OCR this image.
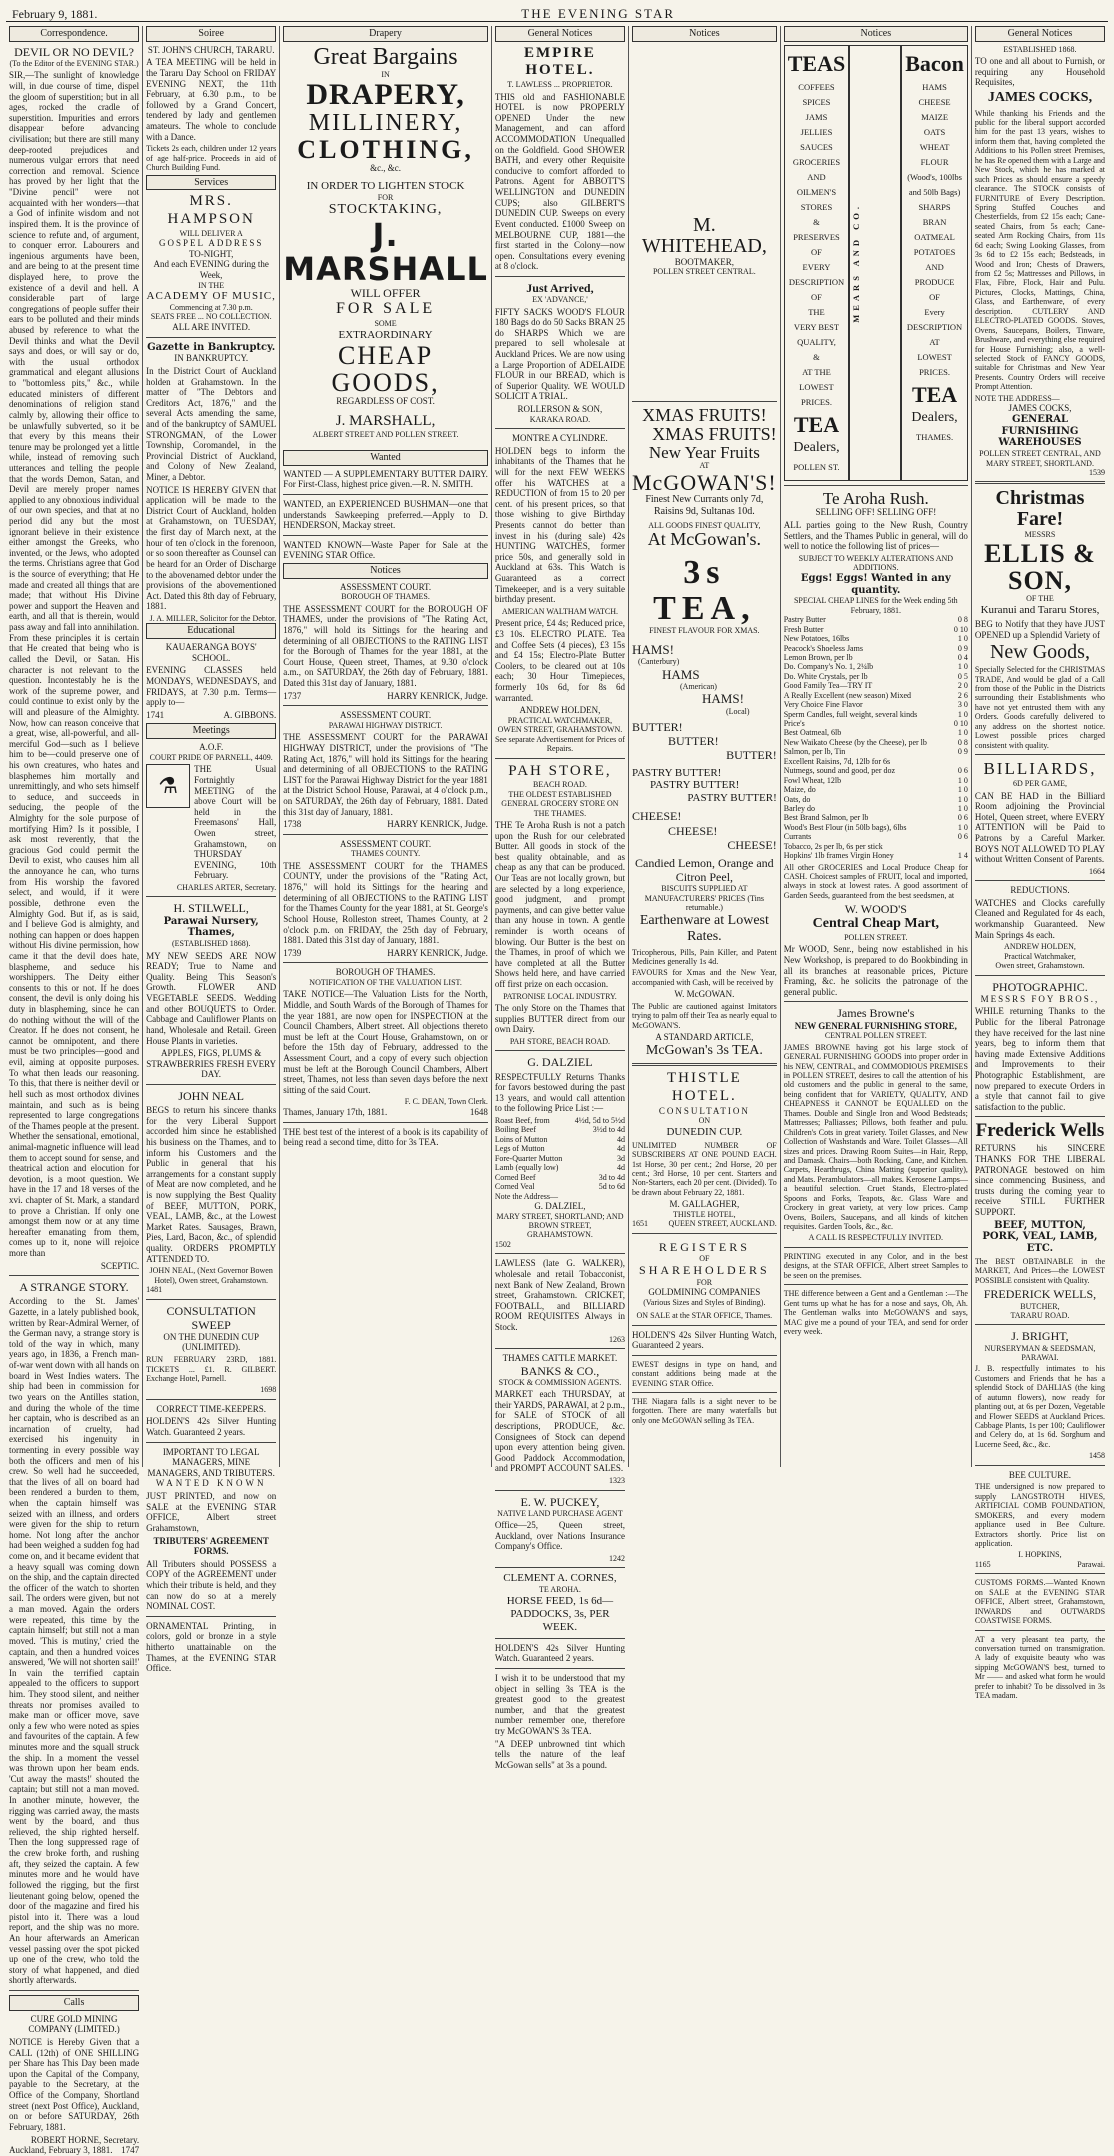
February 9, 1881.	THE EVENING STAR

Correspondence.
DEVIL OR NO DEVIL?
(To the Editor of the EVENING STAR.)
SIR,—The sunlight of knowledge will, in due course of time, dispel the gloom of superstition; but in all ages, rocked the cradle of superstition. Impurities and errors disappear before advancing civilisation; but there are still many deep-rooted prejudices and numerous vulgar errors that need correction and removal. Science has proved by her light that the "Divine pencil" were not acquainted with her wonders—that a God of infinite wisdom and not inspired them. It is the province of science to refute and, of argument, to conquer error. Labourers and ingenious arguments have been, and are being to at the present time displayed here, to prove the existence of a devil and hell. A considerable part of large congregations of people suffer their ears to be polluted and their minds abused by reference to what the Devil thinks and what the Devil says and does, or will say or do, with the usual orthodox grammatical and elegant allusions to "bottomless pits," &c., while educated ministers of different denominations of religion stand calmly by, allowing their office to be unlawfully subverted, so it be that every by this means their tenure may be prolonged yet a little while, instead of removing such utterances and telling the people that the words Demon, Satan, and Devil are merely proper names applied to any obnoxious individual of our own species, and that at no period did any but the most ignorant believe in their existence either amongst the Greeks, who invented, or the Jews, who adopted the terms. Christians agree that God is the source of everything; that He made and created all things that are made; that without His Divine power and support the Heaven and earth, and all that is therein, would pass away and fall into annihilation. From these principles it is certain that He created that being who is called the Devil, or Satan. His character is not relevant to the question. Incontestably he is the work of the supreme power, and could continue to exist only by the will and pleasure of the Almighty. Now, how can reason conceive that a great, wise, all-powerful, and all-merciful God—such as I believe him to be—could preserve one of his own creatures, who hates and blasphemes him mortally and unremittingly, and who sets himself to seduce, and succeeds in seducing, the people of the Almighty for the sole purpose of mortifying Him? Is it possible, I ask most reverently, that the gracious God could permit the Devil to exist, who causes him all the annoyance he can, who turns from His worship the favored select, and would, if it were possible, dethrone even the Almighty God. But if, as is said, and I believe God is almighty, and nothing can happen or does happen without His divine permission, how came it that the devil does hate, blaspheme, and seduce his worshippers. The Deity either consents to this or not. If he does consent, the devil is only doing his duty in blaspheming, since he can do nothing without the will of the Creator. If he does not consent, he cannot be omnipotent, and there must be two principles—good and evil, aiming at opposite purposes. To what then leads our reasoning. To this, that there is neither devil or hell such as most orthodox divines maintain, and such as is being represented to large congregations of the Thames people at the present. Whether the sensational, emotional, animal-magnetic influence will lead them to accept sound for sense, and theatrical action and elocution for devotion, is a moot question. We have in the 17 and 18 verses of the xvi. chapter of St. Mark, a standard to prove a Christian. If only one amongst them now or at any time hereafter emanating from them, comes up to it, none will rejoice more than
SCEPTIC.
A STRANGE STORY.
According to the St. James' Gazette, in a lately published book, written by Rear-Admiral Werner, of the German navy, a strange story is told of the way in which, many years ago, in 1836, a French man-of-war went down with all hands on board in West Indies waters. The ship had been in commission for two years on the Antilles station, and during the whole of the time her captain, who is described as an incarnation of cruelty, had exercised his ingenuity in tormenting in every possible way both the officers and men of his crew. So well had he succeeded, that the lives of all on board had been rendered a burden to them, when the captain himself was seized with an illness, and orders were given for the ship to return home. Not long after the anchor had been weighed a sudden fog had come on, and it became evident that a heavy squall was coming down on the ship, and the captain directed the officer of the watch to shorten sail. The orders were given, but not a man moved. Again the orders were repeated, this time by the captain himself; but still not a man moved. 'This is mutiny,' cried the captain, and then a hundred voices answered, 'We will not shorten sail!' In vain the terrified captain appealed to the officers to support him. They stood silent, and neither threats nor promises availed to make man or officer move, save only a few who were noted as spies and favourites of the captain. A few minutes more and the squall struck the ship. In a moment the vessel was thrown upon her beam ends. 'Cut away the masts!' shouted the captain; but still not a man moved. In another minute, however, the rigging was carried away, the masts went by the board, and thus relieved, the ship righted herself. Then the long suppressed rage of the crew broke forth, and rushing aft, they seized the captain. A few minutes more and he would have followed the rigging, but the first lieutenant going below, opened the door of the magazine and fired his pistol into it. There was a loud report, and the ship was no more. An hour afterwards an American vessel passing over the spot picked up one of the crew, who told the story of what happened, and died shortly afterwards.
Calls
CURE GOLD MINING COMPANY (LIMITED.)
NOTICE is Hereby Given that a CALL (12th) of ONE SHILLING per Share has This Day been made upon the Capital of the Company, payable to the Secretary, at the Office of the Company, Shortland street (next Post Office), Auckland, on or before SATURDAY, 26th February, 1881.
ROBERT HORNE, Secretary.
Auckland, February 3, 1881. 1747
Soiree
ST. JOHN'S CHURCH, TARARU.
A TEA MEETING will be held in the Tararu Day School on FRIDAY EVENING NEXT, the 11th February, at 6.30 p.m., to be followed by a Grand Concert, tendered by lady and gentlemen amateurs. The whole to conclude with a Dance.
Tickets 2s each, children under 12 years of age half-price. Proceeds in aid of Church Building Fund.
Services
MRS. HAMPSON
WILL DELIVER A
GOSPEL ADDRESS
TO-NIGHT,
And each EVENING during the Week,
IN THE
ACADEMY OF MUSIC,
Commencing at 7.30 p.m.
SEATS FREE ... NO COLLECTION.
ALL ARE INVITED.
Gazette in Bankruptcy.
IN BANKRUPTCY.
In the District Court of Auckland holden at Grahamstown. In the matter of "The Debtors and Creditors Act, 1876," and the several Acts amending the same, and of the bankruptcy of SAMUEL STRONGMAN, of the Lower Township, Coromandel, in the Provincial District of Auckland, and Colony of New Zealand, Miner, a Debtor.
NOTICE IS HEREBY GIVEN that application will be made to the District Court of Auckland, holden at Grahamstown, on TUESDAY, the first day of March next, at the hour of ten o'clock in the forenoon, or so soon thereafter as Counsel can be heard for an Order of Discharge to the abovenamed debtor under the provisions of the abovementioned Act. Dated this 8th day of February, 1881.
J. A. MILLER, Solicitor for the Debtor.
Educational
KAUAERANGA BOYS' SCHOOL.
EVENING CLASSES held MONDAYS, WEDNESDAYS, and FRIDAYS, at 7.30 p.m. Terms—apply to—
1741	A. GIBBONS.
Meetings
A.O.F.
COURT PRIDE OF PARNELL, 4409.
⚗
THE Usual Fortnightly MEETING of the above Court will be held in the Freemasons' Hall, Owen street, Grahamstown, on THURSDAY EVENING, 10th February.
CHARLES ARTER, Secretary.
H. STILWELL,
Parawai Nursery, Thames,
(ESTABLISHED 1868).
MY NEW SEEDS ARE NOW READY; True to Name and Quality. Being This Season's Growth. FLOWER AND VEGETABLE SEEDS. Wedding and other BOUQUETS to Order. Cabbage and Cauliflower Plants on hand, Wholesale and Retail. Green House Plants in varieties.
APPLES, FIGS, PLUMS & STRAWBERRIES FRESH EVERY DAY.
JOHN NEAL
BEGS to return his sincere thanks for the very Liberal Support accorded him since he established his business on the Thames, and to inform his Customers and the Public in general that his arrangements for a constant supply of Meat are now completed, and he is now supplying the Best Quality of BEEF, MUTTON, PORK, VEAL, LAMB, &c., at the Lowest Market Rates. Sausages, Brawn, Pies, Lard, Bacon, &c., of splendid quality. ORDERS PROMPTLY ATTENDED TO.
JOHN NEAL, (Next Governor Bowen Hotel), Owen street, Grahamstown.
1481
CONSULTATION SWEEP
ON THE DUNEDIN CUP (UNLIMITED).
RUN FEBRUARY 23RD, 1881. TICKETS ... £1. R. GILBERT. Exchange Hotel, Parnell.
1698
CORRECT TIME-KEEPERS.
HOLDEN'S 42s Silver Hunting Watch. Guaranteed 2 years.
IMPORTANT TO LEGAL MANAGERS, MINE MANAGERS, AND TRIBUTERS.
WANTED KNOWN
JUST PRINTED, and now on SALE at the EVENING STAR OFFICE, Albert street Grahamstown,
TRIBUTERS' AGREEMENT FORMS.
All Tributers should POSSESS a COPY of the AGREEMENT under which their tribute is held, and they can now do so at a merely NOMINAL COST.
ORNAMENTAL Printing, in colors, gold or bronze in a style hitherto unattainable on the Thames, at the EVENING STAR Office.
Drapery
Great Bargains
IN
DRAPERY,
MILLINERY,
CLOTHING,
&c., &c.
IN ORDER TO LIGHTEN STOCK
FOR
STOCKTAKING,
J. MARSHALL
WILL OFFER
FOR SALE
SOME
EXTRAORDINARY
CHEAP GOODS,
REGARDLESS OF COST.
J. MARSHALL,
ALBERT STREET AND POLLEN STREET.
Wanted
WANTED — A SUPPLEMENTARY BUTTER DAIRY. For First-Class, highest price given.—R. N. SMITH.
WANTED, an EXPERIENCED BUSHMAN—one that understands Sawkeeping preferred.—Apply to D. HENDERSON, Mackay street.
WANTED KNOWN—Waste Paper for Sale at the EVENING STAR Office.
Notices
ASSESSMENT COURT.
BOROUGH OF THAMES.
THE ASSESSMENT COURT for the BOROUGH OF THAMES, under the provisions of "The Rating Act, 1876," will hold its Sittings for the hearing and determining of all OBJECTIONS to the RATING LIST for the Borough of Thames for the year 1881, at the Court House, Queen street, Thames, at 9.30 o'clock a.m., on SATURDAY, the 26th day of February, 1881. Dated this 31st day of January, 1881.
1737	HARRY KENRICK, Judge.
ASSESSMENT COURT.
PARAWAI HIGHWAY DISTRICT.
THE ASSESSMENT COURT for the PARAWAI HIGHWAY DISTRICT, under the provisions of "The Rating Act, 1876," will hold its Sittings for the hearing and determining of all OBJECTIONS to the RATING LIST for the Parawai Highway District for the year 1881 at the District School House, Parawai, at 4 o'clock p.m., on SATURDAY, the 26th day of February, 1881. Dated this 31st day of January, 1881.
1738	HARRY KENRICK, Judge.
ASSESSMENT COURT.
THAMES COUNTY.
THE ASSESSMENT COURT for the THAMES COUNTY, under the provisions of the "Rating Act, 1876," will hold its Sittings for the hearing and determining of all OBJECTIONS to the RATING LIST for the Thames County for the year 1881, at St. George's School House, Rolleston street, Thames County, at 2 o'clock p.m. on FRIDAY, the 25th day of February, 1881. Dated this 31st day of January, 1881.
1739	HARRY KENRICK, Judge.
BOROUGH OF THAMES.
NOTIFICATION OF THE VALUATION LIST.
TAKE NOTICE—The Valuation Lists for the North, Middle, and South Wards of the Borough of Thames for the year 1881, are now open for INSPECTION at the Council Chambers, Albert street. All objections thereto must be left at the Court House, Grahamstown, on or before the 15th day of February, addressed to the Assessment Court, and a copy of every such objection must be left at the Borough Council Chambers, Albert street, Thames, not less than seven days before the next sitting of the said Court.
F. C. DEAN, Town Clerk.
Thames, January 17th, 1881.	1648
THE best test of the interest of a book is its capability of being read a second time, ditto for 3s TEA.
General Notices
EMPIRE HOTEL.
T. LAWLESS ... PROPRIETOR.
THIS old and FASHIONABLE HOTEL is now PROPERLY OPENED Under the new Management, and can afford ACCOMMODATION Unequalled on the Goldfield. Good SHOWER BATH, and every other Requisite conducive to comfort afforded to Patrons. Agent for ABBOTT'S WELLINGTON and DUNEDIN CUPS; also GILBERT'S DUNEDIN CUP. Sweeps on every Event conducted. £1000 Sweep on MELBOURNE CUP, 1881—the first started in the Colony—now open. Consultations every evening at 8 o'clock.
Just Arrived,
EX 'ADVANCE,'
FIFTY SACKS WOOD'S FLOUR 180 Bags do do 50 Sacks BRAN 25 do SHARPS Which we are prepared to sell wholesale at Auckland Prices. We are now using a Large Proportion of ADELAIDE FLOUR in our BREAD, which is of Superior Quality. WE WOULD SOLICIT A TRIAL.
ROLLERSON & SON,
KARAKA ROAD.
MONTRE A CYLINDRE.
HOLDEN begs to inform the inhabitants of the Thames that he will for the next FEW WEEKS offer his WATCHES at a REDUCTION of from 15 to 20 per cent. of his present prices, so that those wishing to give Birthday Presents cannot do better than invest in his (during sale) 42s HUNTING WATCHES, former price 50s, and generally sold in Auckland at 63s. This Watch is Guaranteed as a correct Timekeeper, and is a very suitable birthday present.
AMERICAN WALTHAM WATCH.
Present price, £4 4s; Reduced price, £3 10s. ELECTRO PLATE. Tea and Coffee Sets (4 pieces), £3 15s and £4 15s; Electro-Plate Butter Coolers, to be cleared out at 10s each; 30 Hour Timepieces, formerly 10s 6d, for 8s 6d warranted.
ANDREW HOLDEN,
PRACTICAL WATCHMAKER,
OWEN STREET, GRAHAMSTOWN.
See separate Advertisement for Prices of Repairs.
PAH STORE,
BEACH ROAD.
THE OLDEST ESTABLISHED GENERAL GROCERY STORE ON THE THAMES.
THE Te Aroha Rush is not a patch upon the Rush for our celebrated Butter. All goods in stock of the best quality obtainable, and as cheap as any that can be produced. Our Teas are not locally grown, but are selected by a long experience, good judgment, and prompt payments, and can give better value than any house in town. A gentle reminder is worth oceans of blowing. Our Butter is the best on the Thames, in proof of which we have completed at all the Butter Shows held here, and have carried off first prize on each occasion.
PATRONISE LOCAL INDUSTRY.
The only Store on the Thames that supplies BUTTER direct from our own Dairy.
PAH STORE, BEACH ROAD.
G. DALZIEL
RESPECTFULLY Returns Thanks for favors bestowed during the past 13 years, and would call attention to the following Price List :—
Roast Beef, from	4½d, 5d to 5½d
Boiling Beef	3½d to 4d
Loins of Mutton	4d
Legs of Mutton	4d
Fore-Quarter Mutton	3d
Lamb (equally low)	4d
Corned Beef	3d to 4d
Corned Veal	5d to 6d
Note the Address—
G. DALZIEL,
MARY STREET, SHORTLAND; AND BROWN STREET, GRAHAMSTOWN.
1502
LAWLESS (late G. WALKER), wholesale and retail Tobacconist, next Bank of New Zealand, Brown street, Grahamstown. CRICKET, FOOTBALL, and BILLIARD ROOM REQUISITES Always in Stock.
1263
THAMES CATTLE MARKET.
BANKS & CO.,
STOCK & COMMISSION AGENTS.
MARKET each THURSDAY, at their YARDS, PARAWAI, at 2 p.m., for SALE of STOCK of all descriptions, PRODUCE, &c. Consignees of Stock can depend upon every attention being given. Good Paddock Accommodation, and PROMPT ACCOUNT SALES.
1323
E. W. PUCKEY,
NATIVE LAND PURCHASE AGENT
Office—25, Queen street, Auckland, over Nations Insurance Company's Office.
1242
CLEMENT A. CORNES,
TE AROHA.
HORSE FEED, 1s 6d—PADDOCKS, 3s, PER WEEK.
HOLDEN'S 42s Silver Hunting Watch. Guaranteed 2 years.
I wish it to be understood that my object in selling 3s TEA is the greatest good to the greatest number, and that the greatest number remember one, therefore try McGOWAN'S 3s TEA.
"A DEEP unbrowned tint which tells the nature of the leaf McGowan sells" at 3s a pound.
Notices
M. WHITEHEAD,
BOOTMAKER,
POLLEN STREET CENTRAL.
XMAS FRUITS!
XMAS FRUITS!
New Year Fruits
AT
McGOWAN'S!
Finest New Currants only 7d, Raisins 9d, Sultanas 10d.
ALL GOODS FINEST QUALITY,
At McGowan's.
3s TEA,
FINEST FLAVOUR FOR XMAS.
HAMS!
(Canterbury)
HAMS
(American)
HAMS!
(Local)
BUTTER!
BUTTER!
BUTTER!
PASTRY BUTTER!
PASTRY BUTTER!
PASTRY BUTTER!
CHEESE!
CHEESE!
CHEESE!
Candied Lemon, Orange and Citron Peel,
BISCUITS SUPPLIED AT MANUFACTURERS' PRICES (Tins returnable.)
Earthenware at Lowest Rates.
Tricopherous, Pills, Pain Killer, and Patent Medicines generally 1s 4d.
FAVOURS for Xmas and the New Year, accompanied with Cash, will be received by
W. McGOWAN.
The Public are cautioned against Imitators trying to palm off their Tea as nearly equal to McGOWAN'S.
A STANDARD ARTICLE,
McGowan's 3s TEA.
THISTLE HOTEL.
CONSULTATION
ON
DUNEDIN CUP.
UNLIMITED NUMBER OF SUBSCRIBERS AT ONE POUND EACH. 1st Horse, 30 per cent.; 2nd Horse, 20 per cent.; 3rd Horse, 10 per cent. Starters and Non-Starters, each 20 per cent. (Divided). To be drawn about February 22, 1881.
M. GALLAGHER,
THISTLE HOTEL,
1651	QUEEN STREET, AUCKLAND.
REGISTERS
OF
SHAREHOLDERS
FOR
GOLDMINING COMPANIES
(Various Sizes and Styles of Binding).
ON SALE at the STAR OFFICE, Thames.
HOLDEN'S 42s Silver Hunting Watch, Guaranteed 2 years.
EWEST designs in type on hand, and constant additions being made at the EVENING STAR Office.
THE Niagara falls is a sight never to be forgotten. There are many waterfalls but only one McGOWAN selling 3s TEA.
Notices
TEAS
COFFEES
SPICES
JAMS
JELLIES
SAUCES
GROCERIES
AND
OILMEN'S
STORES
&
PRESERVES
OF
EVERY
DESCRIPTION
OF
THE
VERY BEST
QUALITY,
&
AT THE
LOWEST
PRICES.
TEA
Dealers,
POLLEN ST.
MEARS AND CO.
Bacon
HAMS
CHEESE
MAIZE
OATS
WHEAT
FLOUR
(Wood's, 100lbs
and 50lb Bags)
SHARPS
BRAN
OATMEAL
POTATOES
AND
PRODUCE
OF
Every
DESCRIPTION
AT
LOWEST
PRICES.
TEA
Dealers,
THAMES.
Te Aroha Rush.
SELLING OFF! SELLING OFF!
ALL parties going to the New Rush, Country Settlers, and the Thames Public in general, will do well to notice the following list of prices—
SUBJECT TO WEEKLY ALTERATIONS AND ADDITIONS.
Eggs! Eggs! Wanted in any quantity.
SPECIAL CHEAP LINES for the Week ending 5th February, 1881.
Pastry Butter	0 8
Fresh Butter	0 10
New Potatoes, 16lbs	1 0
Peacock's Shoeless Jams	0 9
Lemon Brown, per lb	0 4
Do. Company's No. 1, 2¼lb	1 0
Do. White Crystals, per lb	0 5
Good Family Tea—TRY IT	2 0
A Really Excellent (new season) Mixed	2 6
Very Choice Fine Flavor	3 0
Sperm Candles, full weight, several kinds	1 0
Price's	0 10
Best Oatmeal, 6lb	1 0
New Waikato Cheese (by the Cheese), per lb	0 8
Salmon, per lb, Tin	0 9
Excellent Raisins, 7d, 12lb for 6s	
Nutmegs, sound and good, per doz	0 6
Fowl Wheat, 12lb	1 0
Maize, do	1 0
Oats, do	1 0
Barley do	1 0
Best Brand Salmon, per lb	0 6
Wood's Best Flour (in 50lb bags), 6lbs	1 0
Currants	0 6
Tobacco, 2s per lb, 6s per stick	
Hopkins' 1lb frames Virgin Honey	1 4
All other GROCERIES and Local Produce Cheap for CASH. Choicest samples of FRUIT, local and imported, always in stock at lowest rates. A good assortment of Garden Seeds, guaranteed from the best seedsmen, at
W. WOOD'S
Central Cheap Mart,
POLLEN STREET.
Mr WOOD, Senr., being now established in his New Workshop, is prepared to do Bookbinding in all its branches at reasonable prices, Picture Framing, &c. he solicits the patronage of the general public.
James Browne's
NEW GENERAL FURNISHING STORE,
CENTRAL POLLEN STREET.
JAMES BROWNE having got his large stock of GENERAL FURNISHING GOODS into proper order in his NEW, CENTRAL, and COMMODIOUS PREMISES in POLLEN STREET, desires to call the attention of his old customers and the public in general to the same, being confident that for VARIETY, QUALITY, AND CHEAPNESS it CANNOT be EQUALLED on the Thames. Double and Single Iron and Wood Bedsteads; Mattresses; Palliasses; Pillows, both feather and pulu. Children's Cots in great variety. Toilet Glasses, and New Collection of Washstands and Ware. Toilet Glasses—All sizes and prices. Drawing Room Suites—in Hair, Repp, and Damask. Chairs—both Rocking, Cane, and Kitchen. Carpets, Hearthrugs, China Matting (superior quality), and Mats. Perambulators—all makes. Kerosene Lamps—a beautiful selection. Cruet Stands, Electro-plated Spoons and Forks, Teapots, &c. Glass Ware and Crockery in great variety, at very low prices. Camp Ovens, Boilers, Saucepans, and all kinds of kitchen requisites. Garden Tools, &c., &c.
A CALL IS RESPECTFULLY INVITED.
PRINTING executed in any Color, and in the best designs, at the STAR OFFICE, Albert street Samples to be seen on the premises.
THE difference between a Gent and a Gentleman :—The Gent turns up what he has for a nose and says, Oh, Ah. The Gentleman walks into McGOWAN'S and says, MAC give me a pound of your TEA, and send for order every week.
General Notices
ESTABLISHED 1868.
TO one and all about to Furnish, or requiring any Household Requisites,
JAMES COCKS,
While thanking his Friends and the public for the liberal support accorded him for the past 13 years, wishes to inform them that, having completed the Additions to his Pollen street Premises, he has Re opened them with a Large and New Stock, which he has marked at such Prices as should ensure a speedy clearance. The STOCK consists of FURNITURE of Every Description. Spring Stuffed Couches and Chesterfields, from £2 15s each; Cane-seated Chairs, from 5s each; Cane-seated Arm Rocking Chairs, from 11s 6d each; Swing Looking Glasses, from 3s 6d to £2 15s each; Bedsteads, in Wood and Iron; Chests of Drawers, from £2 5s; Mattresses and Pillows, in Flax, Fibre, Flock, Hair and Pulu. Pictures, Clocks, Mattings, China, Glass, and Earthenware, of every description. CUTLERY AND ELECTRO-PLATED GOODS. Stoves, Ovens, Saucepans, Boilers, Tinware, Brushware, and everything else required for House Furnishing; also, a well-selected Stock of FANCY GOODS, suitable for Christmas and New Year Presents. Country Orders will receive Prompt Attention.
NOTE THE ADDRESS—
JAMES COCKS,
GENERAL FURNISHING WAREHOUSES
POLLEN STREET CENTRAL, AND MARY STREET, SHORTLAND.
1539
Christmas Fare!
MESSRS
ELLIS & SON,
OF THE
Kuranui and Tararu Stores,
BEG to Notify that they have JUST OPENED up a Splendid Variety of
New Goods,
Specially Selected for the CHRISTMAS TRADE, And would be glad of a Call from those of the Public in the Districts surrounding their Establishments who have not yet entrusted them with any Orders. Goods carefully delivered to any address on the shortest notice. Lowest possible prices charged consistent with quality.
BILLIARDS,
6D PER GAME,
CAN BE HAD in the Billiard Room adjoining the Provincial Hotel, Queen street, where EVERY ATTENTION will be Paid to Patrons by a Careful Marker. BOYS NOT ALLOWED TO PLAY without Written Consent of Parents.
1664
REDUCTIONS.
WATCHES and Clocks carefully Cleaned and Regulated for 4s each, workmanship Guaranteed. New Main Springs 4s each.
ANDREW HOLDEN,
Practical Watchmaker,
Owen street, Grahamstown.
PHOTOGRAPHIC.
MESSRS FOY BROS.,
WHILE returning Thanks to the Public for the liberal Patronage they have received for the last nine years, beg to inform them that having made Extensive Additions and Improvements to their Photographic Establishment, are now prepared to execute Orders in a style that cannot fail to give satisfaction to the public.
Frederick Wells
RETURNS his SINCERE THANKS FOR THE LIBERAL PATRONAGE bestowed on him since commencing Business, and trusts during the coming year to receive STILL FURTHER SUPPORT.
BEEF, MUTTON, PORK, VEAL, LAMB, ETC.
The BEST OBTAINABLE in the MARKET, And Prices—the LOWEST POSSIBLE consistent with Quality.
FREDERICK WELLS,
BUTCHER,
TARARU ROAD.
J. BRIGHT,
NURSERYMAN & SEEDSMAN,
PARAWAI.
J. B. respectfully intimates to his Customers and Friends that he has a splendid Stock of DAHLIAS (the king of autumn flowers), now ready for planting out, at 6s per Dozen, Vegetable and Flower SEEDS at Auckland Prices. Cabbage Plants, 1s per 100; Cauliflower and Celery do, at 1s 6d. Sorghum and Lucerne Seed, &c., &c.
1458
BEE CULTURE.
THE undersigned is now prepared to supply LANGSTROTH HIVES, ARTIFICIAL COMB FOUNDATION, SMOKERS, and every modern appliance used in Bee Culture. Extractors shortly. Price list on application.
I. HOPKINS,
1165	Parawai.
CUSTOMS FORMS.—Wanted Known on SALE at the EVENING STAR OFFICE, Albert street, Grahamstown, INWARDS and OUTWARDS COASTWISE FORMS.
AT a very pleasant tea party, the conversation turned on transmigration. A lady of exquisite beauty who was sipping McGOWAN'S best, turned to Mr —— and asked what form he would prefer to inhabit? To be dissolved in 3s TEA madam.
